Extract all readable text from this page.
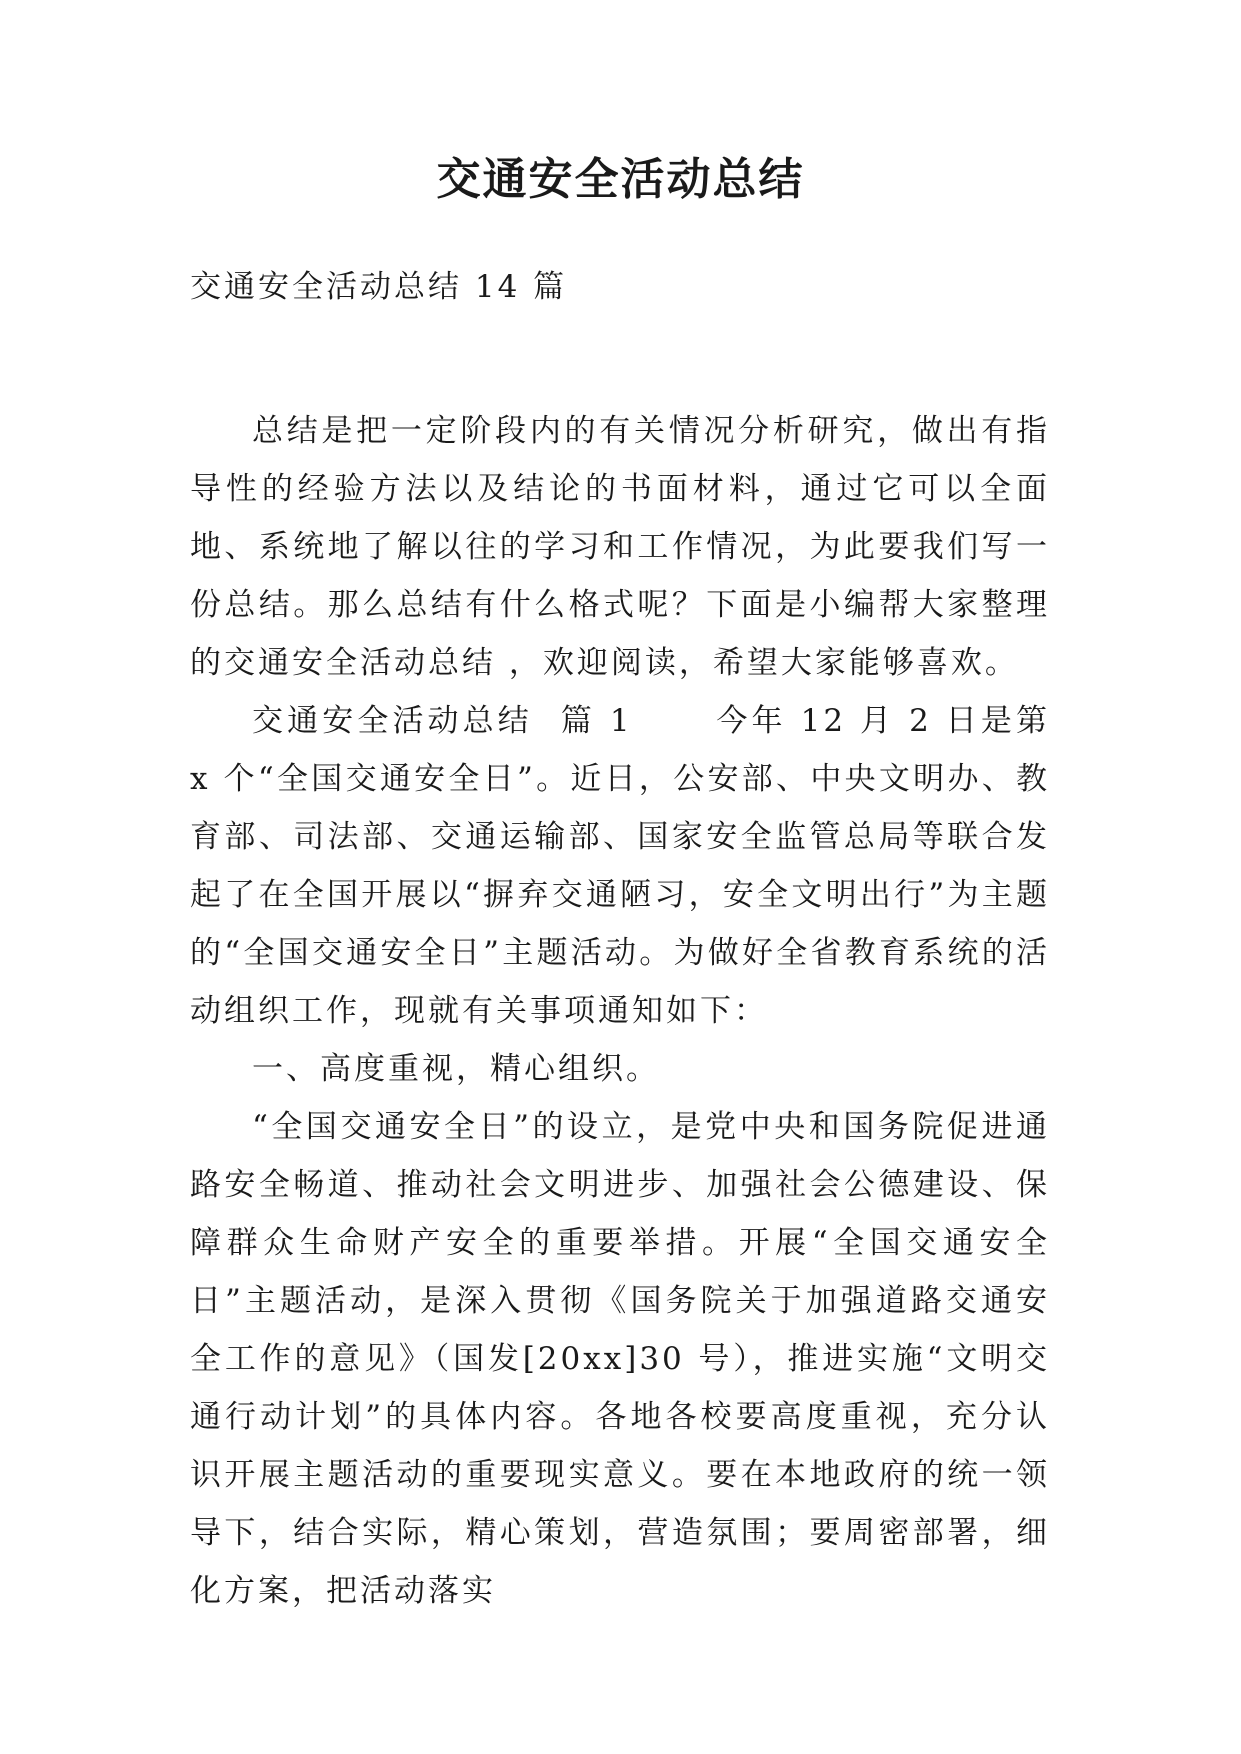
交通安全活动总结
交通安全活动总结 14 篇

总结是把一定阶段内的有关情况分析研究，做出有指导性的经验方法以及结论的书面材料，通过它可以全面地、系统地了解以往的学习和工作情况，为此要我们写一份总结。那么总结有什么格式呢？下面是小编帮大家整理的交通安全活动总结 ，欢迎阅读，希望大家能够喜欢。

交通安全活动总结  篇 1      今年 12 月 2 日是第 x 个“全国交通安全日”。近日，公安部、中央文明办、教育部、司法部、交通运输部、国家安全监管总局等联合发起了在全国开展以“摒弃交通陋习，安全文明出行”为主题的“全国交通安全日”主题活动。为做好全省教育系统的活动组织工作，现就有关事项通知如下：

一、高度重视，精心组织。

“全国交通安全日”的设立，是党中央和国务院促进通路安全畅道、推动社会文明进步、加强社会公德建设、保障群众生命财产安全的重要举措。开展“全国交通安全日”主题活动，是深入贯彻《国务院关于加强道路交通安全工作的意见》（国发[20xx]30 号），推进实施“文明交通行动计划”的具体内容。各地各校要高度重视，充分认识开展主题活动的重要现实意义。要在本地政府的统一领导下，结合实际，精心策划，营造氛围；要周密部署，细化方案，把活动落实
